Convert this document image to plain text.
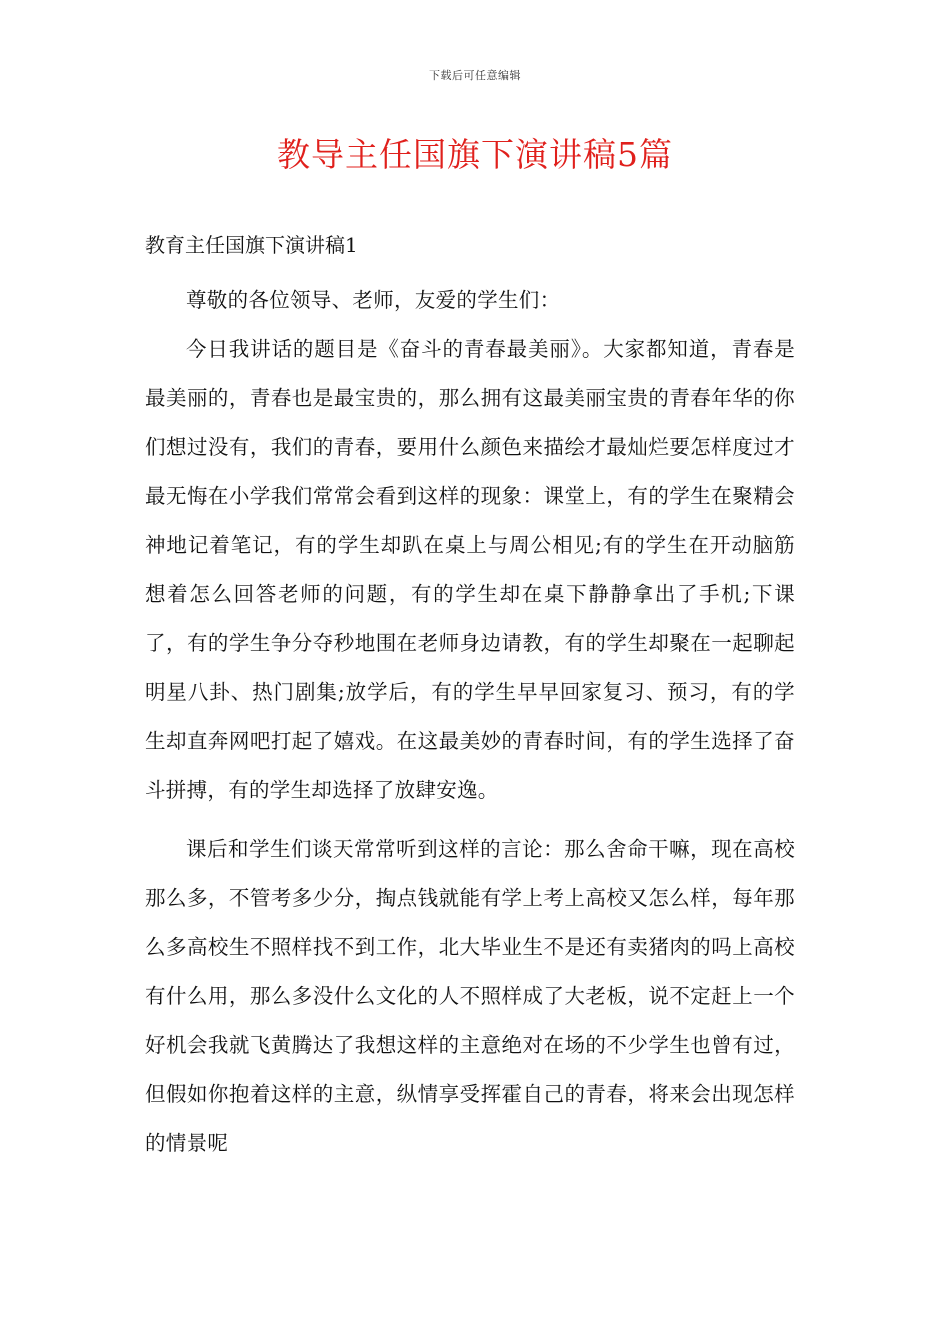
下载后可任意编辑
教导主任国旗下演讲稿5篇
教育主任国旗下演讲稿1

尊敬的各位领导、老师，友爱的学生们：

今日我讲话的题目是《奋斗的青春最美丽》。大家都知道，青春是最美丽的，青春也是最宝贵的，那么拥有这最美丽宝贵的青春年华的你们想过没有，我们的青春，要用什么颜色来描绘才最灿烂要怎样度过才最无悔在小学我们常常会看到这样的现象：课堂上，有的学生在聚精会神地记着笔记，有的学生却趴在桌上与周公相见;有的学生在开动脑筋想着怎么回答老师的问题，有的学生却在桌下静静拿出了手机;下课了，有的学生争分夺秒地围在老师身边请教，有的学生却聚在一起聊起明星八卦、热门剧集;放学后，有的学生早早回家复习、预习，有的学生却直奔网吧打起了嬉戏。在这最美妙的青春时间，有的学生选择了奋斗拼搏，有的学生却选择了放肆安逸。

课后和学生们谈天常常听到这样的言论：那么舍命干嘛，现在高校那么多，不管考多少分，掏点钱就能有学上考上高校又怎么样，每年那么多高校生不照样找不到工作，北大毕业生不是还有卖猪肉的吗上高校有什么用，那么多没什么文化的人不照样成了大老板，说不定赶上一个好机会我就飞黄腾达了我想这样的主意绝对在场的不少学生也曾有过，但假如你抱着这样的主意，纵情享受挥霍自己的青春，将来会出现怎样的情景呢
